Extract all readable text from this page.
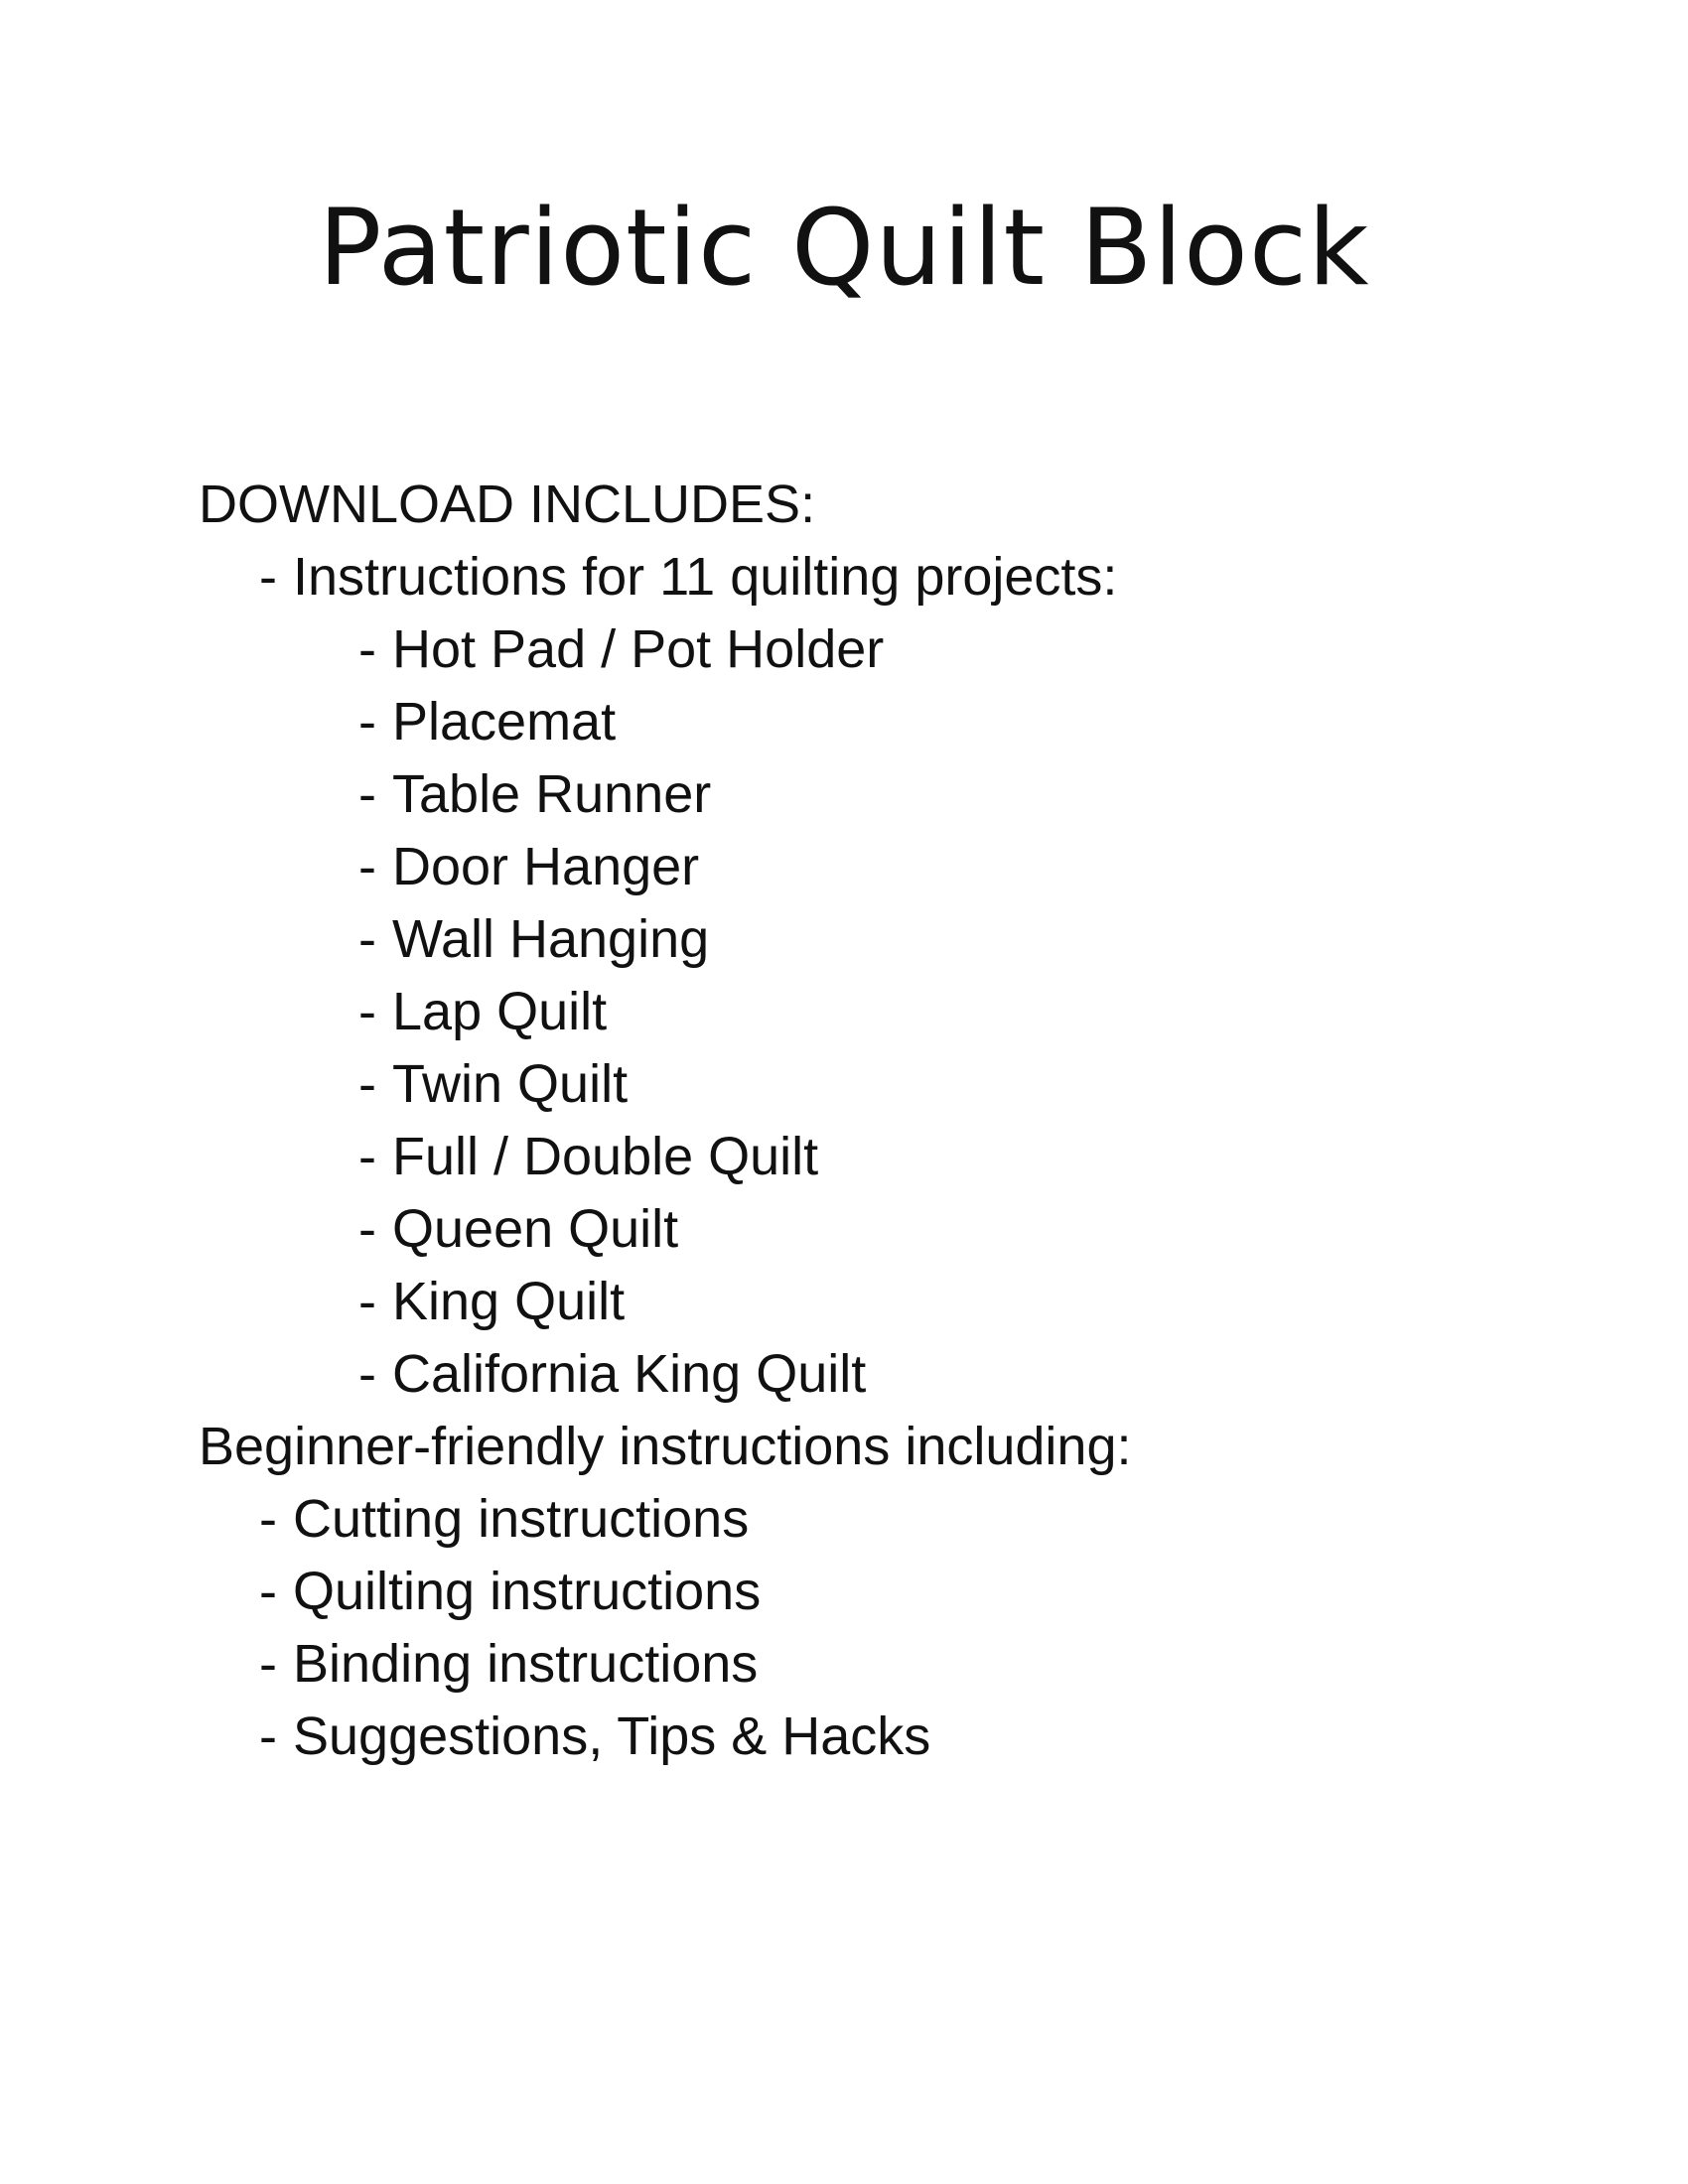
Patriotic Quilt Block

DOWNLOAD INCLUDES:

- Instructions for 11 quilting projects:
- Hot Pad / Pot Holder
- Placemat
- Table Runner
- Door Hanger
- Wall Hanging
- Lap Quilt
- Twin Quilt
- Full / Double Quilt
- Queen Quilt
- King Quilt
- California King Quilt

Beginner-friendly instructions including:

- Cutting instructions
- Quilting instructions
- Binding instructions
- Suggestions, Tips & Hacks
